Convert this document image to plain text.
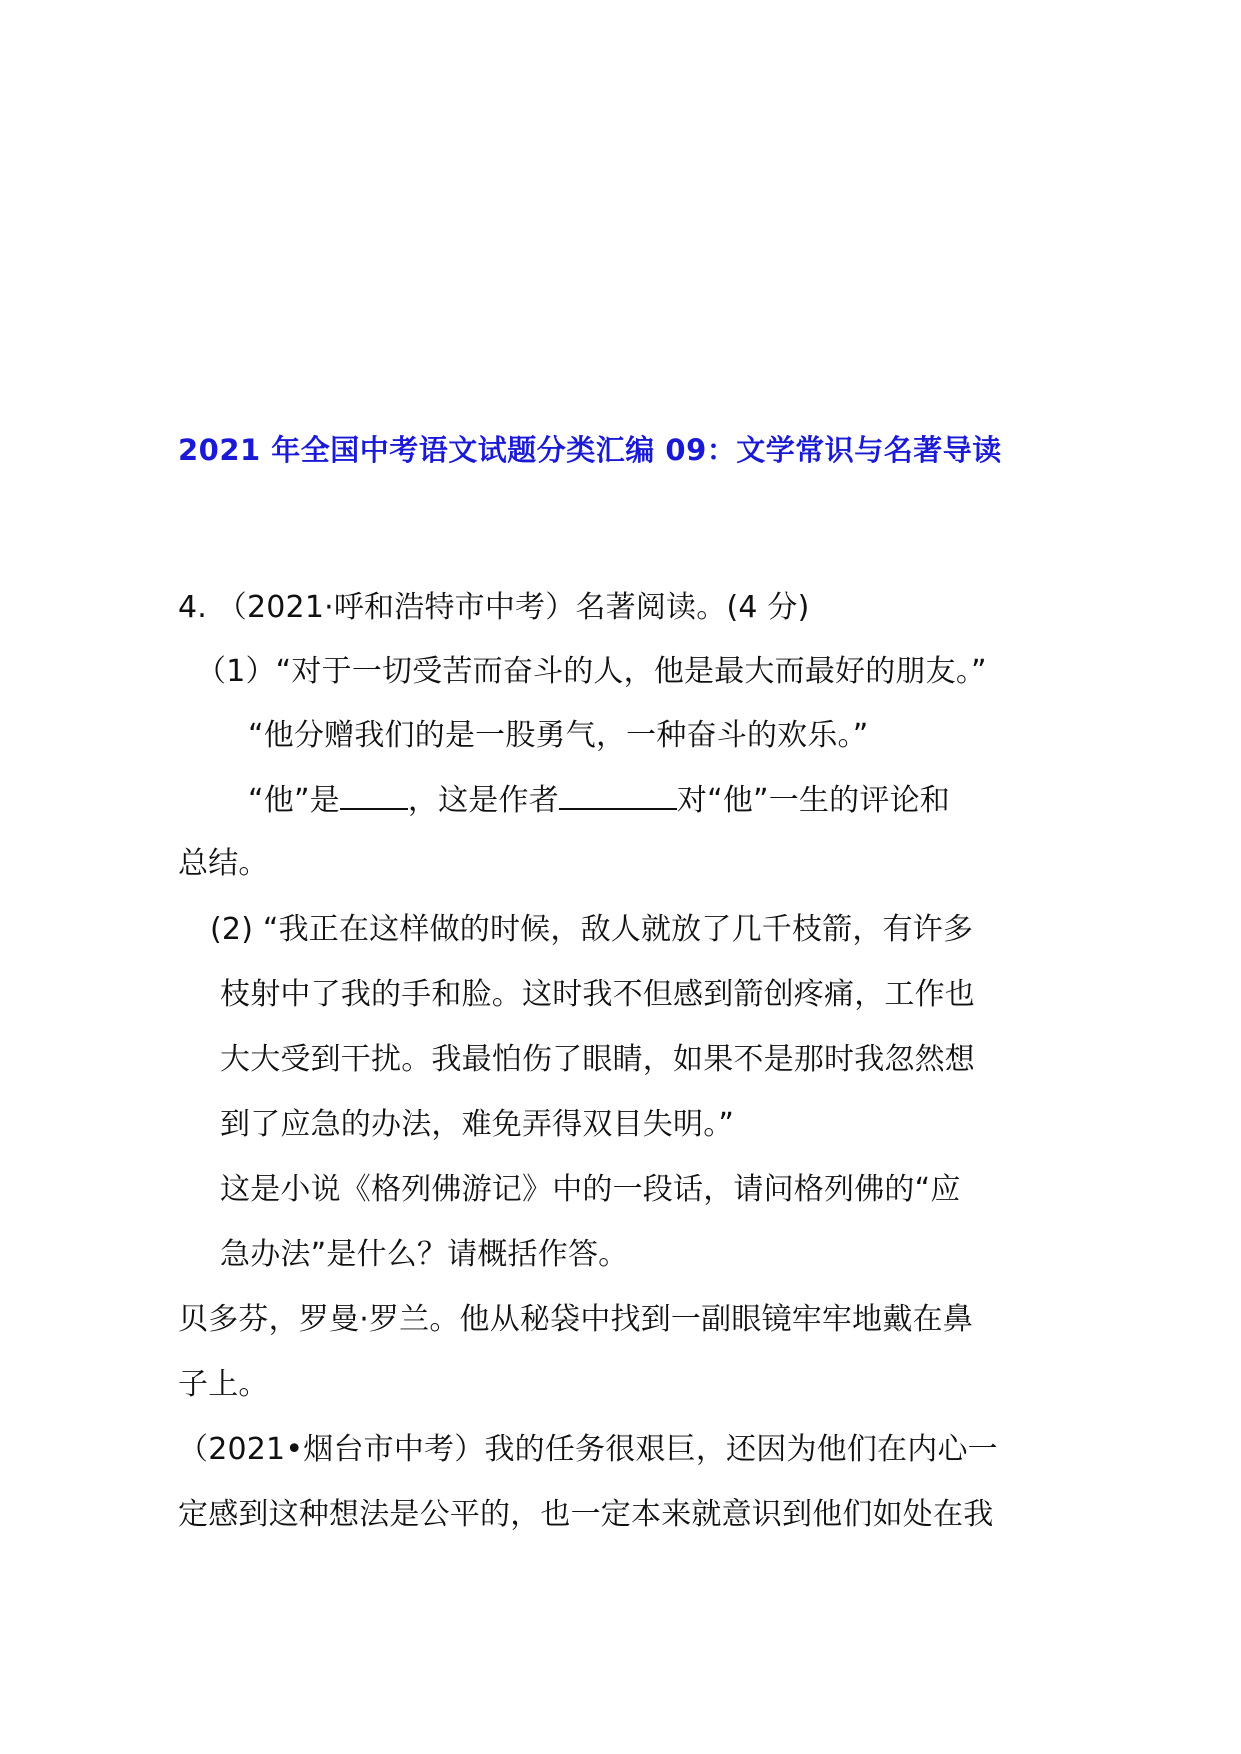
2021 年全国中考语文试题分类汇编 09：文学常识与名著导读
4. （2021·呼和浩特市中考）名著阅读。(4 分)
（1）“对于一切受苦而奋斗的人，他是最大而最好的朋友。”
“他分赠我们的是一股勇气，一种奋斗的欢乐。”
“他”是 ，这是作者	对“他”一生的评论和
总结。
(2) “我正在这样做的时候，敌人就放了几千枝箭，有许多
枝射中了我的手和脸。这时我不但感到箭创疼痛，工作也
大大受到干扰。我最怕伤了眼睛，如果不是那时我忽然想
到了应急的办法，难免弄得双目失明。”
这是小说《格列佛游记》中的一段话，请问格列佛的“应
急办法”是什么？请概括作答。
贝多芬，罗曼·罗兰。他从秘袋中找到一副眼镜牢牢地戴在鼻
子上。
（2021•烟台市中考）我的任务很艰巨，还因为他们在内心一
定感到这种想法是公平的，也一定本来就意识到他们如处在我
